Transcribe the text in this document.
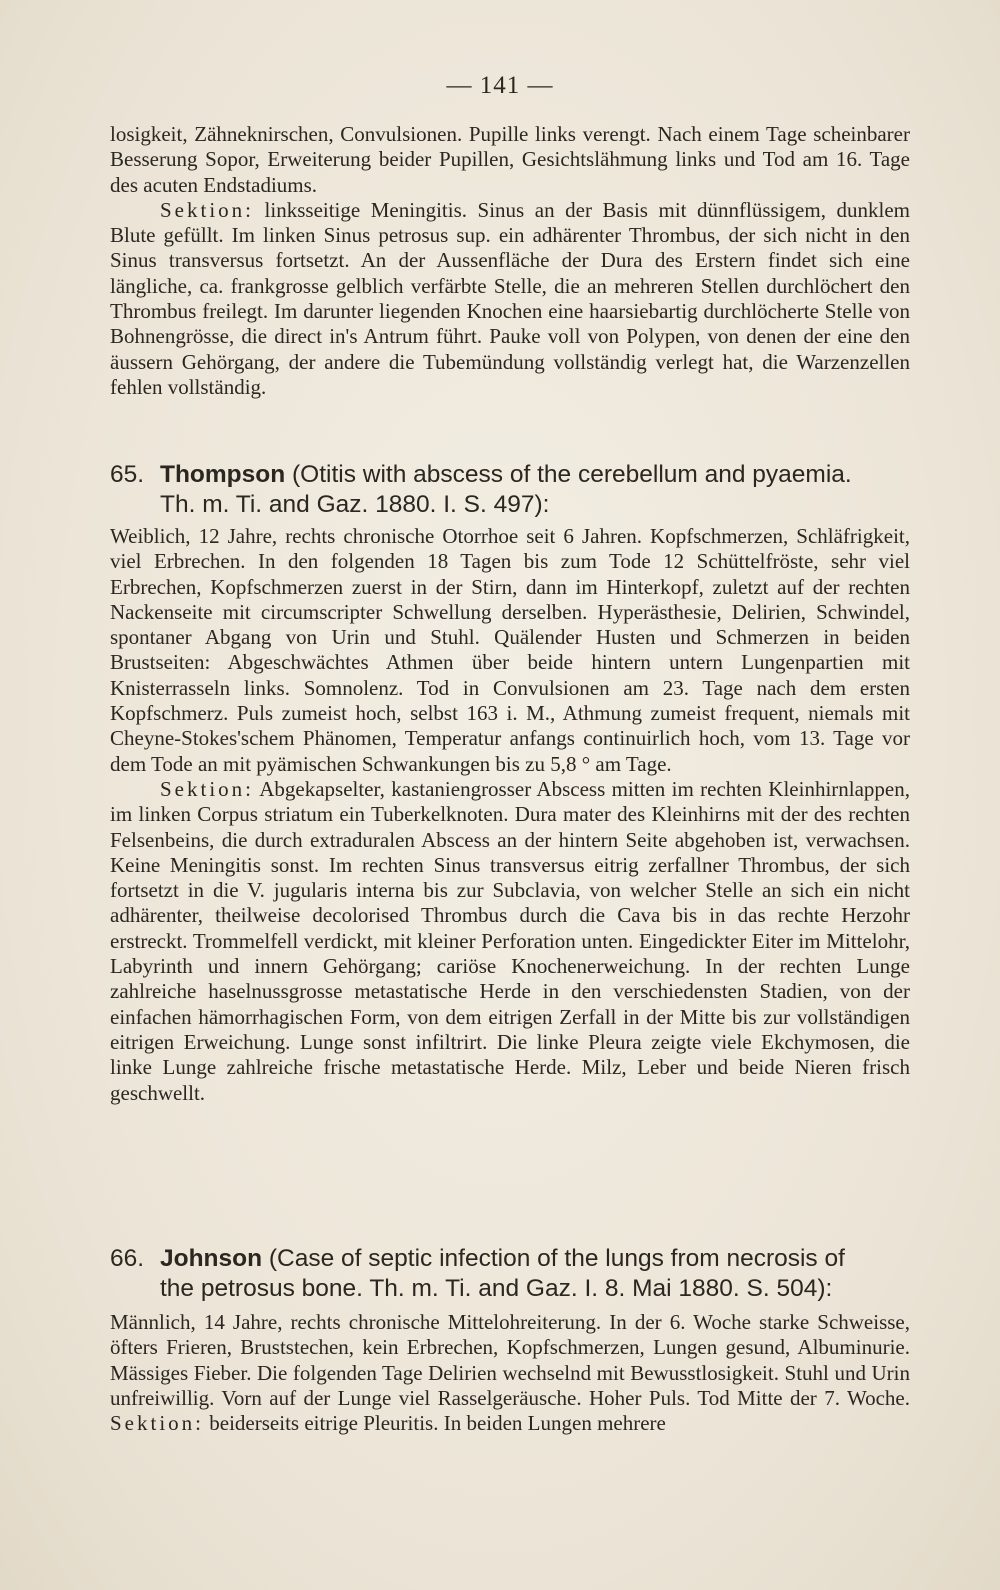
— 141 —

losigkeit, Zähneknirschen, Convulsionen. Pupille links verengt. Nach einem Tage scheinbarer Besserung Sopor, Erweiterung beider Pupillen, Gesichtslähmung links und Tod am 16. Tage des acuten Endstadiums.

Sektion: linksseitige Meningitis. Sinus an der Basis mit dünnflüssigem, dunklem Blute gefüllt. Im linken Sinus petrosus sup. ein adhärenter Thrombus, der sich nicht in den Sinus transversus fortsetzt. An der Aussenfläche der Dura des Erstern findet sich eine längliche, ca. frankgrosse gelblich verfärbte Stelle, die an mehreren Stellen durchlöchert den Thrombus freilegt. Im darunter liegenden Knochen eine haarsiebartig durchlöcherte Stelle von Bohnengrösse, die direct in's Antrum führt. Pauke voll von Polypen, von denen der eine den äussern Gehörgang, der andere die Tubemündung vollständig verlegt hat, die Warzenzellen fehlen vollständig.

65. Thompson (Otitis with abscess of the cerebellum and pyaemia.
Th. m. Ti. and Gaz. 1880. I. S. 497):

Weiblich, 12 Jahre, rechts chronische Otorrhoe seit 6 Jahren. Kopfschmerzen, Schläfrigkeit, viel Erbrechen. In den folgenden 18 Tagen bis zum Tode 12 Schüttelfröste, sehr viel Erbrechen, Kopfschmerzen zuerst in der Stirn, dann im Hinterkopf, zuletzt auf der rechten Nackenseite mit circumscripter Schwellung derselben. Hyperästhesie, Delirien, Schwindel, spontaner Abgang von Urin und Stuhl. Quälender Husten und Schmerzen in beiden Brustseiten: Abgeschwächtes Athmen über beide hintern untern Lungenpartien mit Knisterrasseln links. Somnolenz. Tod in Convulsionen am 23. Tage nach dem ersten Kopfschmerz. Puls zumeist hoch, selbst 163 i. M., Athmung zumeist frequent, niemals mit Cheyne-Stokes'schem Phänomen, Temperatur anfangs continuirlich hoch, vom 13. Tage vor dem Tode an mit pyämischen Schwankungen bis zu 5,8 ° am Tage.

Sektion: Abgekapselter, kastaniengrosser Abscess mitten im rechten Kleinhirnlappen, im linken Corpus striatum ein Tuberkelknoten. Dura mater des Kleinhirns mit der des rechten Felsenbeins, die durch extraduralen Abscess an der hintern Seite abgehoben ist, verwachsen. Keine Meningitis sonst. Im rechten Sinus transversus eitrig zerfallner Thrombus, der sich fortsetzt in die V. jugularis interna bis zur Subclavia, von welcher Stelle an sich ein nicht adhärenter, theilweise decolorised Thrombus durch die Cava bis in das rechte Herzohr erstreckt. Trommelfell verdickt, mit kleiner Perforation unten. Eingedickter Eiter im Mittelohr, Labyrinth und innern Gehörgang; cariöse Knochenerweichung. In der rechten Lunge zahlreiche haselnussgrosse metastatische Herde in den verschiedensten Stadien, von der einfachen hämorrhagischen Form, von dem eitrigen Zerfall in der Mitte bis zur vollständigen eitrigen Erweichung. Lunge sonst infiltrirt. Die linke Pleura zeigte viele Ekchymosen, die linke Lunge zahlreiche frische metastatische Herde. Milz, Leber und beide Nieren frisch geschwellt.

66. Johnson (Case of septic infection of the lungs from necrosis of
the petrosus bone. Th. m. Ti. and Gaz. I. 8. Mai 1880. S. 504):

Männlich, 14 Jahre, rechts chronische Mittelohreiterung. In der 6. Woche starke Schweisse, öfters Frieren, Bruststechen, kein Erbrechen, Kopfschmerzen, Lungen gesund, Albuminurie. Mässiges Fieber. Die folgenden Tage Delirien wechselnd mit Bewusstlosigkeit. Stuhl und Urin unfreiwillig. Vorn auf der Lunge viel Rasselgeräusche. Hoher Puls. Tod Mitte der 7. Woche. Sektion: beiderseits eitrige Pleuritis. In beiden Lungen mehrere
